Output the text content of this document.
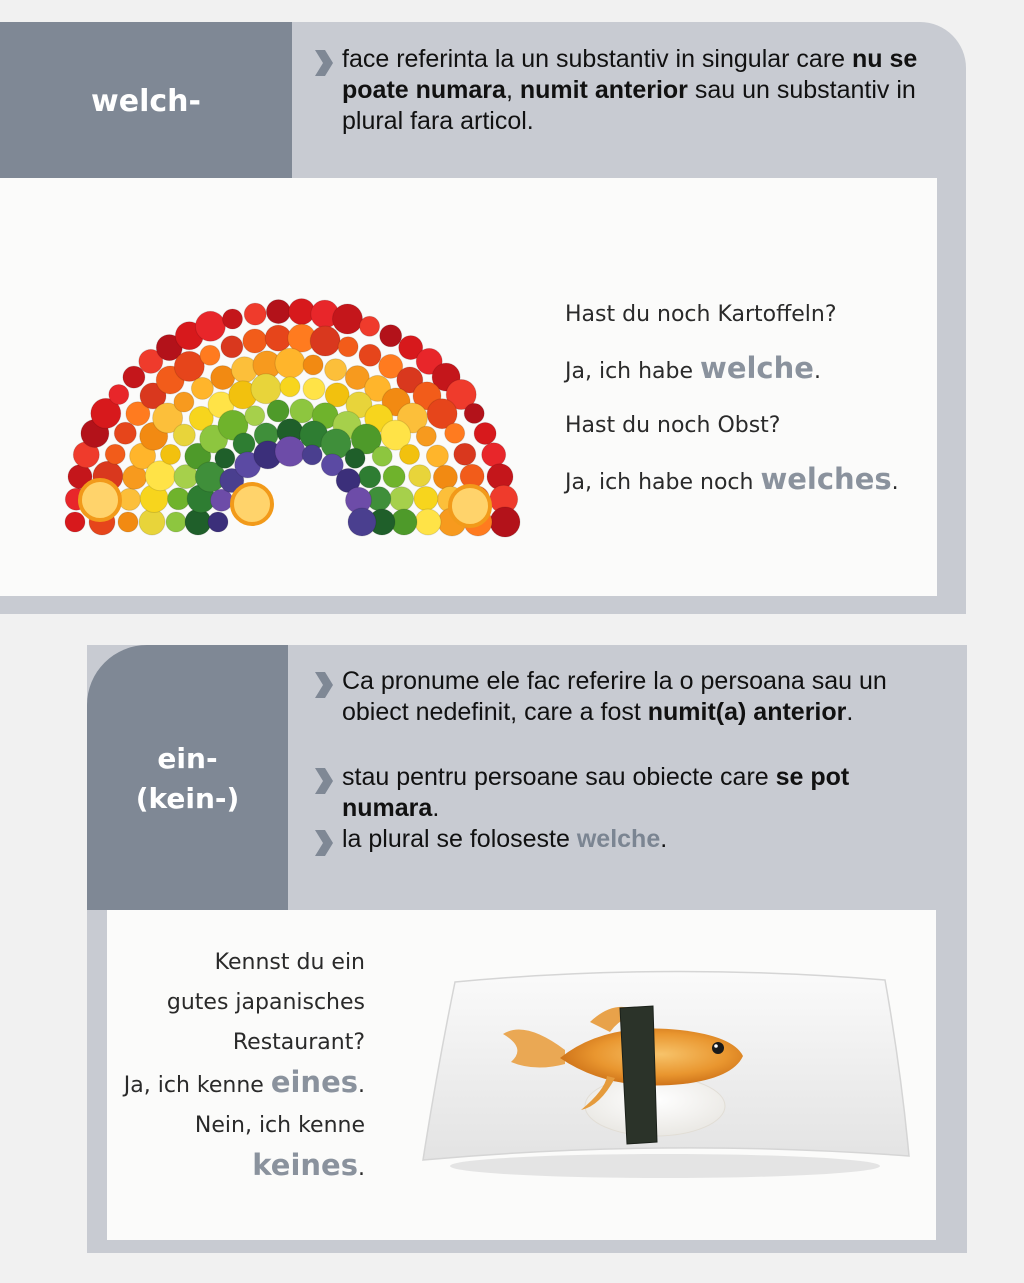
welch-
face referinta la un substantiv in singular care nu se poate numara, numit anterior sau un substantiv in plural fara articol.
Hast du noch Kartoffeln?
Ja, ich habe welche.
Hast du noch Obst?
Ja, ich habe noch welches.
ein-
(kein-)
Ca pronume ele fac referire la o persoana sau un obiect nedefinit, care a fost numit(a) anterior.
stau pentru persoane sau obiecte care se pot numara.
la plural se foloseste welche.
Kennst du ein
gutes japanisches
Restaurant?
Ja, ich kenne eines.
Nein, ich kenne
keines.
